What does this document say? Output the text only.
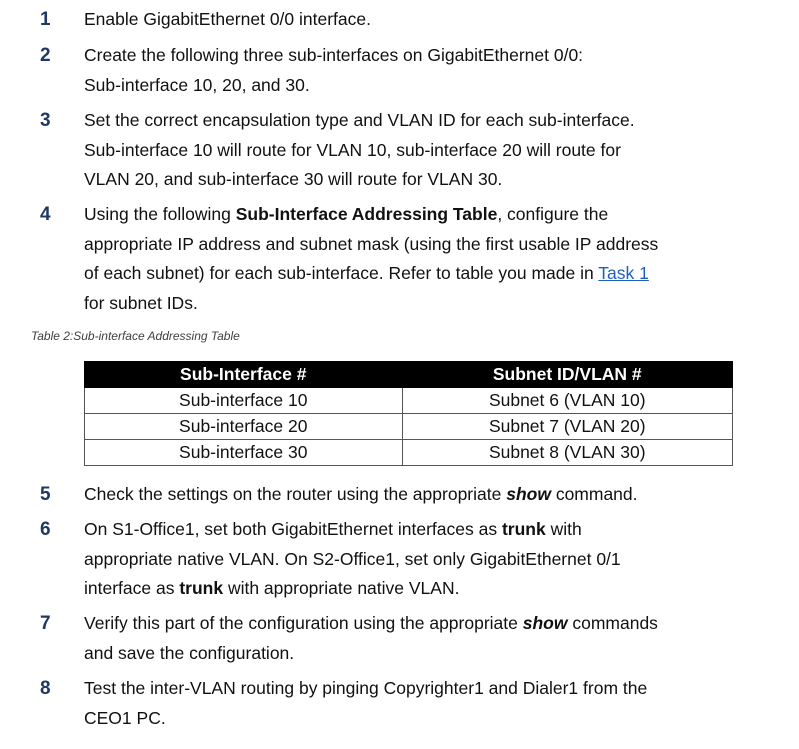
1	Enable GigabitEthernet 0/0 interface.
2	Create the following three sub-interfaces on GigabitEthernet 0/0:
Sub-interface 10, 20, and 30.
3	Set the correct encapsulation type and VLAN ID for each sub-interface.
Sub-interface 10 will route for VLAN 10, sub-interface 20 will route for
VLAN 20, and sub-interface 30 will route for VLAN 30.
4	Using the following Sub-Interface Addressing Table, configure the
appropriate IP address and subnet mask (using the first usable IP address
of each subnet) for each sub-interface. Refer to table you made in Task 1
for subnet IDs.
Table 2:Sub-interface Addressing Table
Sub-Interface #	Subnet ID/VLAN #
Sub-interface 10	Subnet 6 (VLAN 10)
Sub-interface 20	Subnet 7 (VLAN 20)
Sub-interface 30	Subnet 8 (VLAN 30)
5	Check the settings on the router using the appropriate show command.
6	On S1-Office1, set both GigabitEthernet interfaces as trunk with
appropriate native VLAN. On S2-Office1, set only GigabitEthernet 0/1
interface as trunk with appropriate native VLAN.
7	Verify this part of the configuration using the appropriate show commands
and save the configuration.
8	Test the inter-VLAN routing by pinging Copyrighter1 and Dialer1 from the
CEO1 PC.
